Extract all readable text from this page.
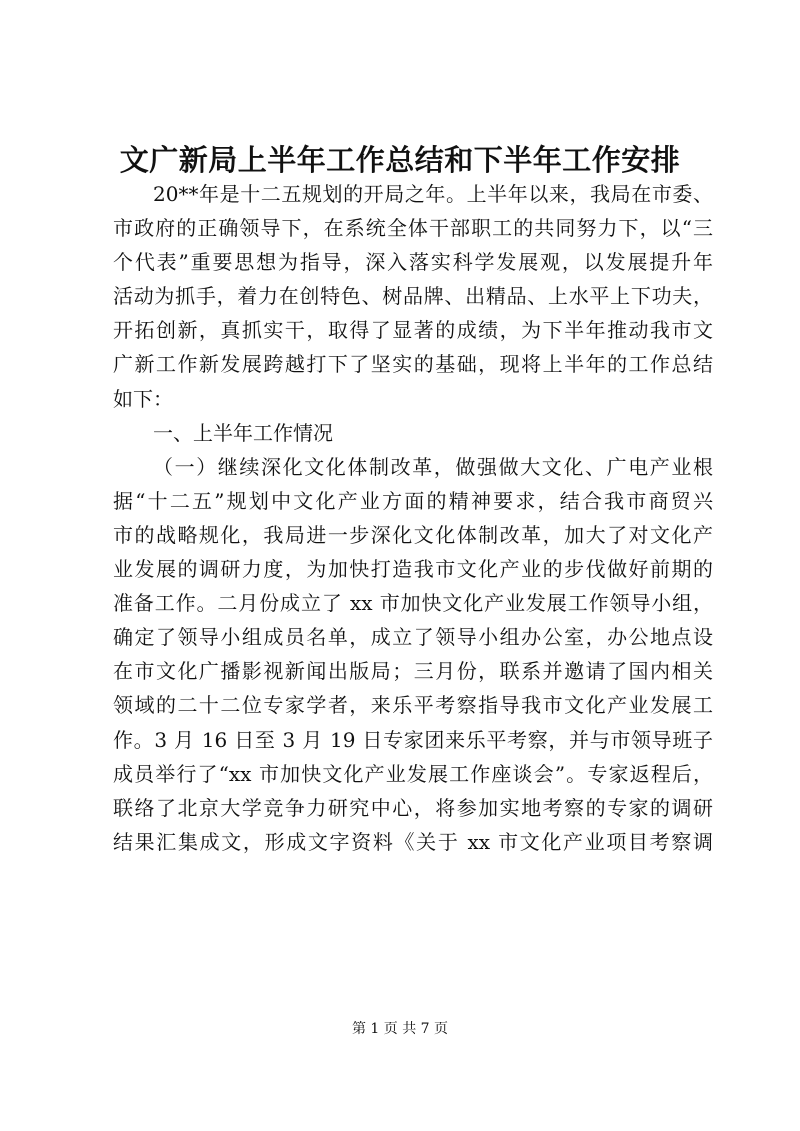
文广新局上半年工作总结和下半年工作安排
20**年是十二五规划的开局之年。上半年以来，我局在市委、
市政府的正确领导下，在系统全体干部职工的共同努力下，以“三
个代表”重要思想为指导，深入落实科学发展观，以发展提升年
活动为抓手，着力在创特色、树品牌、出精品、上水平上下功夫，
开拓创新，真抓实干，取得了显著的成绩，为下半年推动我市文
广新工作新发展跨越打下了坚实的基础，现将上半年的工作总结
如下：
一、上半年工作情况
（一）继续深化文化体制改革，做强做大文化、广电产业根
据“十二五”规划中文化产业方面的精神要求，结合我市商贸兴
市的战略规化，我局进一步深化文化体制改革，加大了对文化产
业发展的调研力度，为加快打造我市文化产业的步伐做好前期的
准备工作。二月份成立了 xx 市加快文化产业发展工作领导小组，
确定了领导小组成员名单，成立了领导小组办公室，办公地点设
在市文化广播影视新闻出版局；三月份，联系并邀请了国内相关
领域的二十二位专家学者，来乐平考察指导我市文化产业发展工
作。3 月 16 日至 3 月 19 日专家团来乐平考察，并与市领导班子
成员举行了“xx 市加快文化产业发展工作座谈会”。专家返程后，
联络了北京大学竞争力研究中心，将参加实地考察的专家的调研
结果汇集成文，形成文字资料《关于 xx 市文化产业项目考察调
第 1 页 共 7 页
